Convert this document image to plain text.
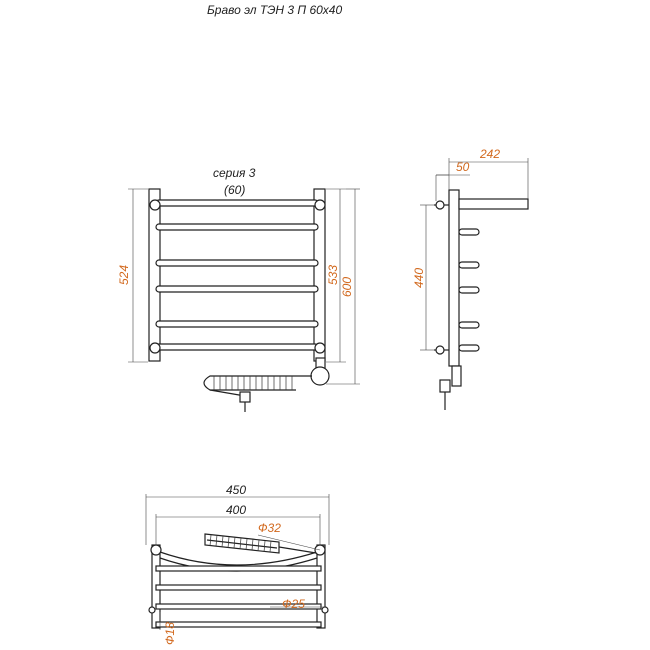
Браво эл ТЭН 3 П 60х40
серия 3
(60)
524	533
600
242
50
440
450
400
Ф32
Ф25
Ф18
